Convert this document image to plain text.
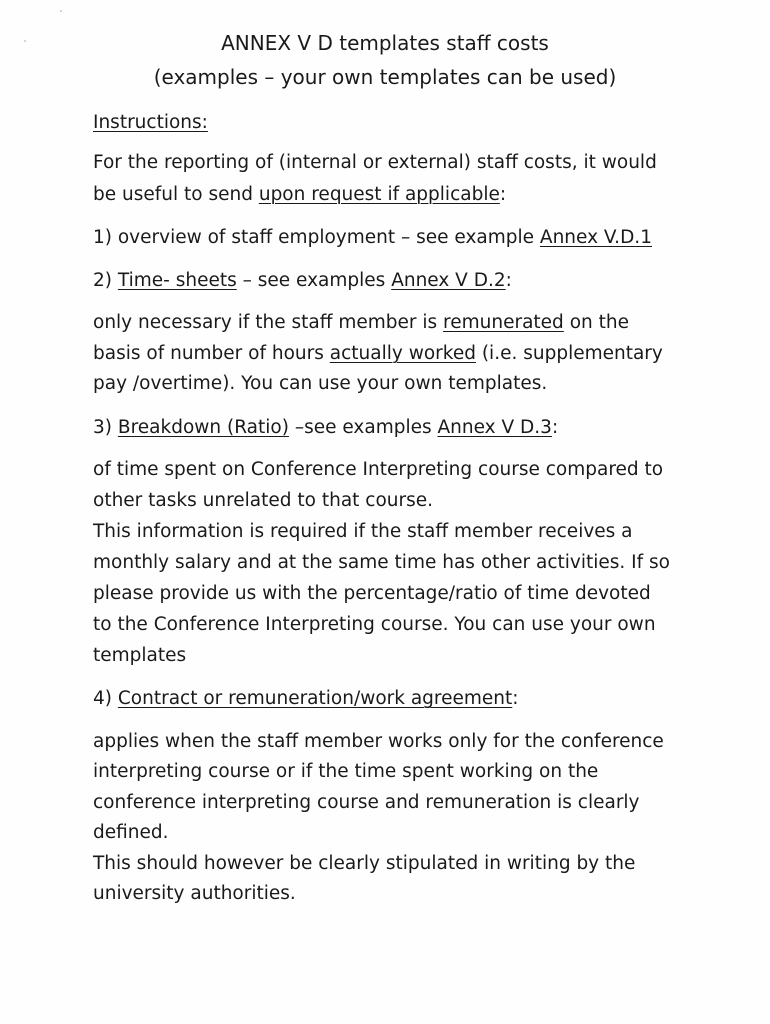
ANNEX V D templates staff costs
(examples – your own templates can be used)
Instructions:
For the reporting of (internal or external) staff costs, it would
be useful to send upon request if applicable:
1) overview of staff employment – see example Annex V.D.1
2) Time- sheets – see examples Annex V D.2:
only necessary if the staff member is remunerated on the
basis of number of hours actually worked (i.e. supplementary
pay /overtime). You can use your own templates.
3) Breakdown (Ratio) –see examples Annex V D.3:
of time spent on Conference Interpreting course compared to
other tasks unrelated to that course.
This information is required if the staff member receives a
monthly salary and at the same time has other activities. If so
please provide us with the percentage/ratio of time devoted
to the Conference Interpreting course. You can use your own
templates
4) Contract or remuneration/work agreement:
applies when the staff member works only for the conference
interpreting course or if the time spent working on the
conference interpreting course and remuneration is clearly
defined.
This should however be clearly stipulated in writing by the
university authorities.
